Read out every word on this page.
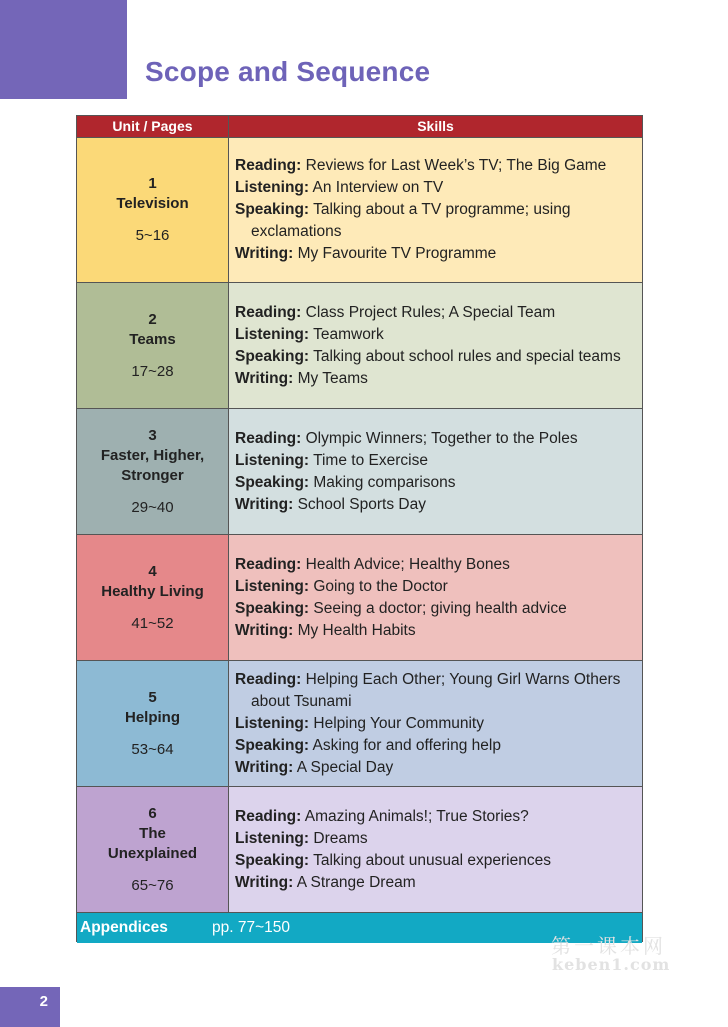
Scope and Sequence
Unit / Pages	Skills
1
Television
5~16
Reading: Reviews for Last Week’s TV; The Big Game
Listening: An Interview on TV
Speaking: Talking about a TV programme; using exclamations
Writing: My Favourite TV Programme
2
Teams
17~28
Reading: Class Project Rules; A Special Team
Listening: Teamwork
Speaking: Talking about school rules and special teams
Writing: My Teams
3
Faster, Higher, Stronger
29~40
Reading: Olympic Winners; Together to the Poles
Listening: Time to Exercise
Speaking: Making comparisons
Writing: School Sports Day
4
Healthy Living
41~52
Reading: Health Advice; Healthy Bones
Listening: Going to the Doctor
Speaking: Seeing a doctor; giving health advice
Writing: My Health Habits
5
Helping
53~64
Reading: Helping Each Other; Young Girl Warns Others about Tsunami
Listening: Helping Your Community
Speaking: Asking for and offering help
Writing: A Special Day
6
The Unexplained
65~76
Reading: Amazing Animals!; True Stories?
Listening: Dreams
Speaking: Talking about unusual experiences
Writing: A Strange Dream
Appendices	pp. 77~150
第一课本网
keben1.com
2
